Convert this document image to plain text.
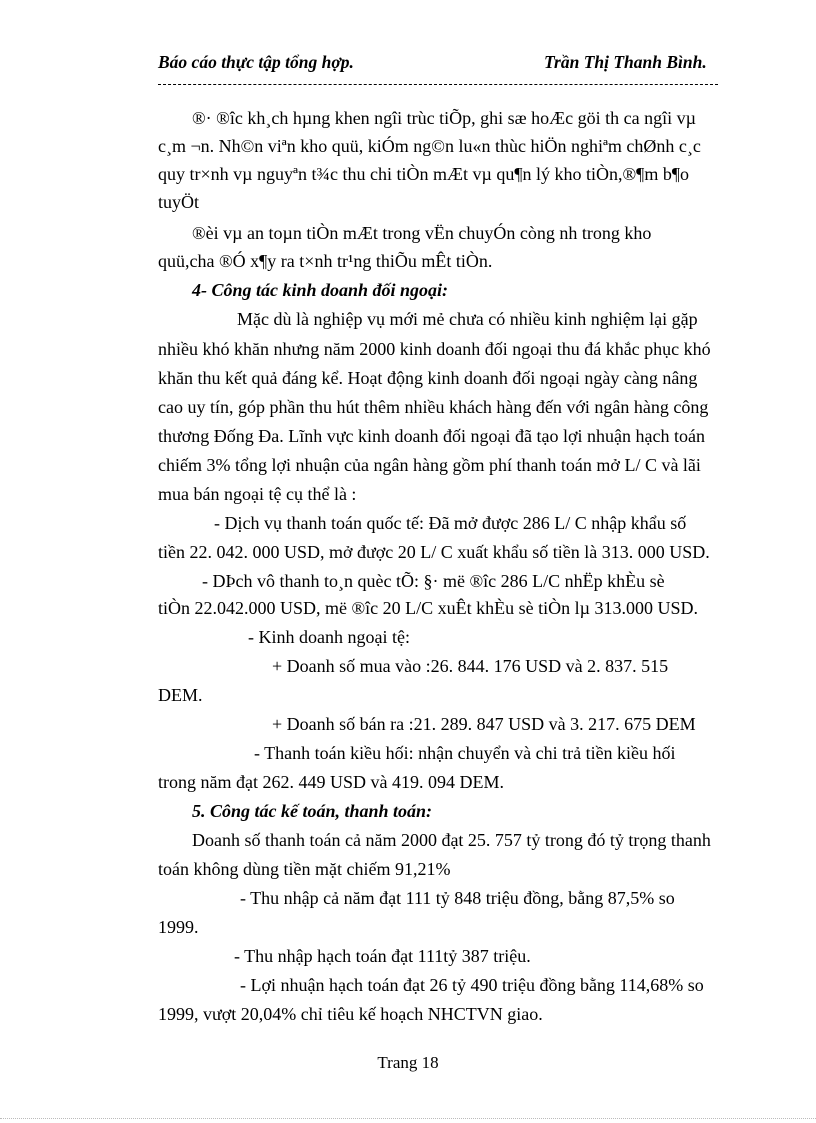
Báo cáo thực tập tổng hợp.	Trần Thị Thanh Bình.
®· ®îc kh¸ch hµng khen ngîi trùc tiÕp, ghi sæ hoÆc göi th ca ngîi vµ
c¸m ¬n. Nh©n viªn kho quü, kiÓm ng©n lu«n thùc hiÖn nghiªm chØnh c¸c
quy tr×nh vµ nguyªn t¾c thu chi tiÒn mÆt vµ qu¶n lý kho tiÒn,®¶m b¶o
tuyÖt
®èi vµ an toµn tiÒn mÆt trong vËn chuyÓn còng nh trong kho
quü,cha ®Ó x¶y ra t×nh tr¹ng thiÕu mÊt tiÒn.
4- Công tác kinh doanh đối ngoại:
Mặc dù là nghiệp vụ mới mẻ chưa có nhiều kinh nghiệm lại gặp
nhiều khó khăn nhưng năm 2000 kinh doanh đối ngoại thu đá khắc phục khó
khăn thu kết quả đáng kể. Hoạt động kinh doanh đối ngoại ngày càng nâng
cao uy tín, góp phần thu hút thêm nhiều khách hàng đến với ngân hàng công
thương Đống Đa. Lĩnh vực kinh doanh đối ngoại đã tạo lợi nhuận hạch toán
chiếm 3% tổng lợi nhuận của ngân hàng gồm phí thanh toán mở L/ C và lãi
mua bán ngoại tệ cụ thể là :
- Dịch vụ thanh toán quốc tế: Đã mở được 286 L/ C nhập khẩu số
tiền 22. 042. 000 USD, mở được 20 L/ C xuất khẩu số tiền là 313. 000 USD.
- DÞch vô thanh to¸n quèc tÕ: §· më ®îc 286 L/C nhËp khÈu sè
tiÒn 22.042.000 USD, më ®îc 20 L/C xuÊt khÈu sè tiÒn lµ 313.000 USD.
- Kinh doanh ngoại tệ:
+ Doanh số mua vào :26. 844. 176 USD và 2. 837. 515
DEM.
+ Doanh số bán ra :21. 289. 847 USD và 3. 217. 675 DEM
- Thanh toán kiều hối: nhận chuyển và chi trả tiền kiều hối
trong năm đạt 262. 449 USD và 419. 094 DEM.
5. Công tác kế toán, thanh toán:
Doanh số thanh toán cả năm 2000 đạt 25. 757 tỷ trong đó tỷ trọng thanh
toán không dùng tiền mặt chiếm 91,21%
- Thu nhập cả năm đạt 111 tỷ 848 triệu đồng, bằng 87,5% so
1999.
- Thu nhập hạch toán đạt 111tỷ 387 triệu.
- Lợi nhuận hạch toán đạt 26 tỷ 490 triệu đồng bằng 114,68% so
1999, vượt 20,04% chỉ tiêu kế hoạch NHCTVN giao.
Trang 18
